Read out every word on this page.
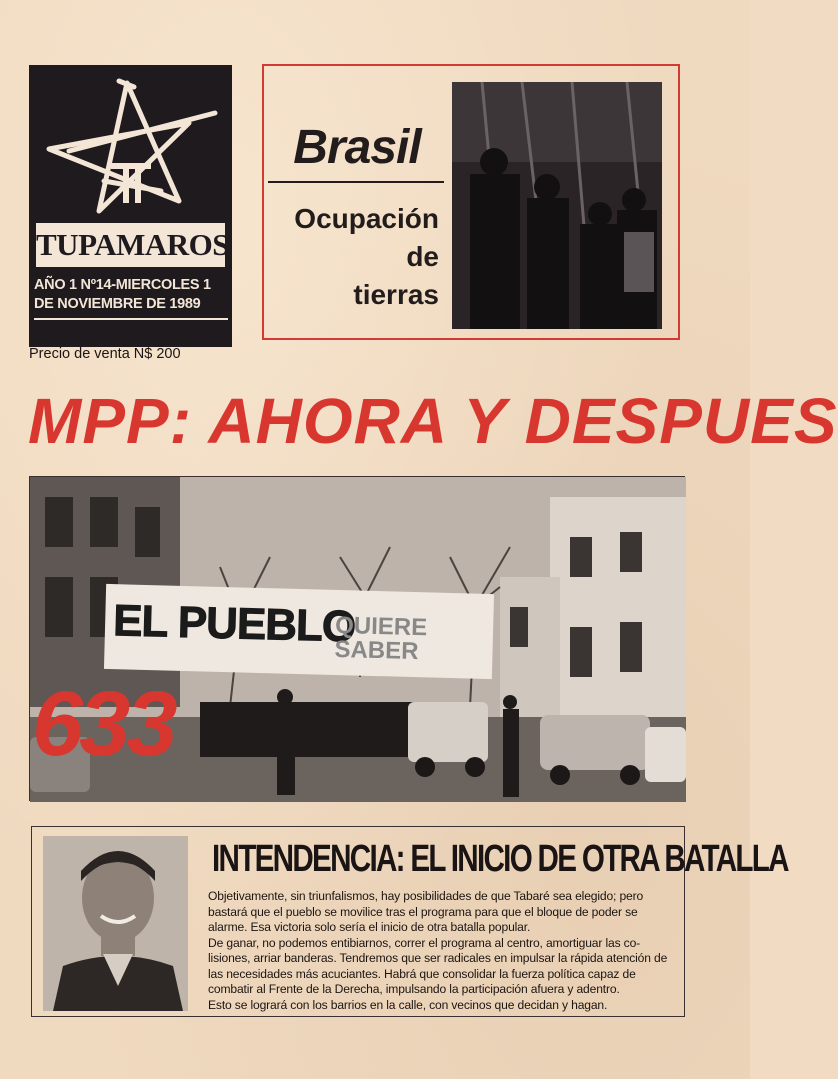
TUPAMAROS
AÑO 1 Nº14-MIERCOLES 1
DE NOVIEMBRE DE 1989
Precio de venta N$ 200
Brasil
Ocupación
de
tierras
MPP: AHORA Y DESPUES
EL PUEBLO
QUIERE
SABER
633
INTENDENCIA: EL INICIO DE OTRA BATALLA

Objetivamente, sin triunfalismos, hay posibilidades de que Tabaré sea elegido; pero bastará que el pueblo se movilice tras el programa para que el bloque de poder se alarme. Esa victoria solo sería el inicio de otra batalla popular.

De ganar, no podemos entibiarnos, correr el programa al centro, amortiguar las co-lisiones, arriar banderas. Tendremos que ser radicales en impulsar la rápida atención de las necesidades más acuciantes. Habrá que consolidar la fuerza política capaz de combatir al Frente de la Derecha, impulsando la participación afuera y adentro.

Esto se logrará con los barrios en la calle, con vecinos que decidan y hagan.
